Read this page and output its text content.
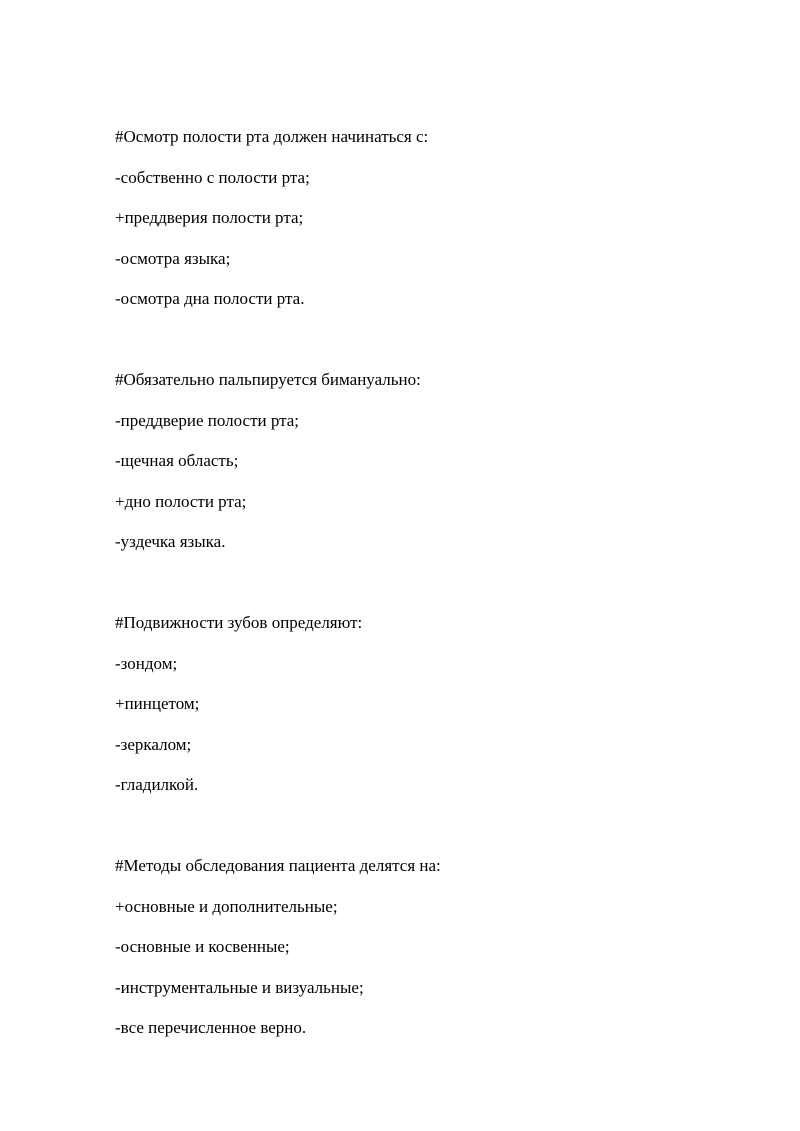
#Осмотр полости рта должен начинаться с:
-собственно с полости рта;
+преддверия полости рта;
-осмотра языка;
-осмотра дна полости рта.
#Обязательно пальпируется бимануально:
-преддверие полости рта;
-щечная область;
+дно полости рта;
-уздечка языка.
#Подвижности зубов определяют:
-зондом;
+пинцетом;
-зеркалом;
-гладилкой.
#Методы обследования пациента делятся на:
+основные и дополнительные;
-основные и косвенные;
-инструментальные и визуальные;
-все перечисленное верно.
